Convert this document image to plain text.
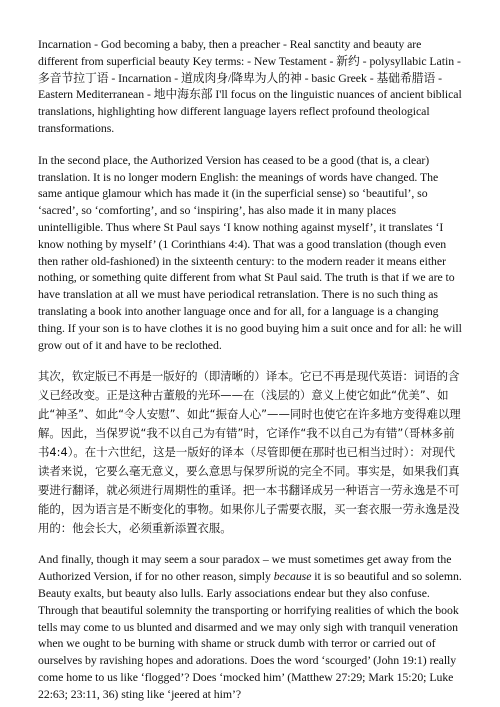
Incarnation - God becoming a baby, then a preacher - Real sanctity and beauty are different from superficial beauty Key terms: - New Testament - 新约 - polysyllabic Latin - 多音节拉丁语 - Incarnation - 道成肉身/降卑为人的神 - basic Greek - 基础希腊语 - Eastern Mediterranean - 地中海东部 I'll focus on the linguistic nuances of ancient biblical translations, highlighting how different language layers reflect profound theological transformations.

In the second place, the Authorized Version has ceased to be a good (that is, a clear) translation. It is no longer modern English: the meanings of words have changed. The same antique glamour which has made it (in the superficial sense) so ‘beautiful’, so ‘sacred’, so ‘comforting’, and so ‘inspiring’, has also made it in many places unintelligible. Thus where St Paul says ‘I know nothing against myself’, it translates ‘I know nothing by myself’ (1 Corinthians 4:4). That was a good translation (though even then rather old-fashioned) in the sixteenth century: to the modern reader it means either nothing, or something quite different from what St Paul said. The truth is that if we are to have translation at all we must have periodical retranslation. There is no such thing as translating a book into another language once and for all, for a language is a changing thing. If your son is to have clothes it is no good buying him a suit once and for all: he will grow out of it and have to be reclothed.

其次，钦定版已不再是一版好的（即清晰的）译本。它已不再是现代英语：词语的含义已经改变。正是这种古董般的光环——在（浅层的）意义上使它如此“优美”、如此“神圣”、如此“令人安慰”、如此“振奋人心”——同时也使它在许多地方变得难以理解。因此，当保罗说“我不以自己为有错”时，它译作“我不以自己为有错”（哥林多前书4:4）。在十六世纪，这是一版好的译本（尽管即便在那时也已相当过时）：对现代读者来说，它要么毫无意义，要么意思与保罗所说的完全不同。事实是，如果我们真要进行翻译，就必须进行周期性的重译。把一本书翻译成另一种语言一劳永逸是不可能的，因为语言是不断变化的事物。如果你儿子需要衣服，买一套衣服一劳永逸是没用的：他会长大，必须重新添置衣服。

And finally, though it may seem a sour paradox – we must sometimes get away from the Authorized Version, if for no other reason, simply because it is so beautiful and so solemn. Beauty exalts, but beauty also lulls. Early associations endear but they also confuse. Through that beautiful solemnity the transporting or horrifying realities of which the book tells may come to us blunted and disarmed and we may only sigh with tranquil veneration when we ought to be burning with shame or struck dumb with terror or carried out of ourselves by ravishing hopes and adorations. Does the word ‘scourged’ (John 19:1) really come home to us like ‘flogged’? Does ‘mocked him’ (Matthew 27:29; Mark 15:20; Luke 22:63; 23:11, 36) sting like ‘jeered at him’?
